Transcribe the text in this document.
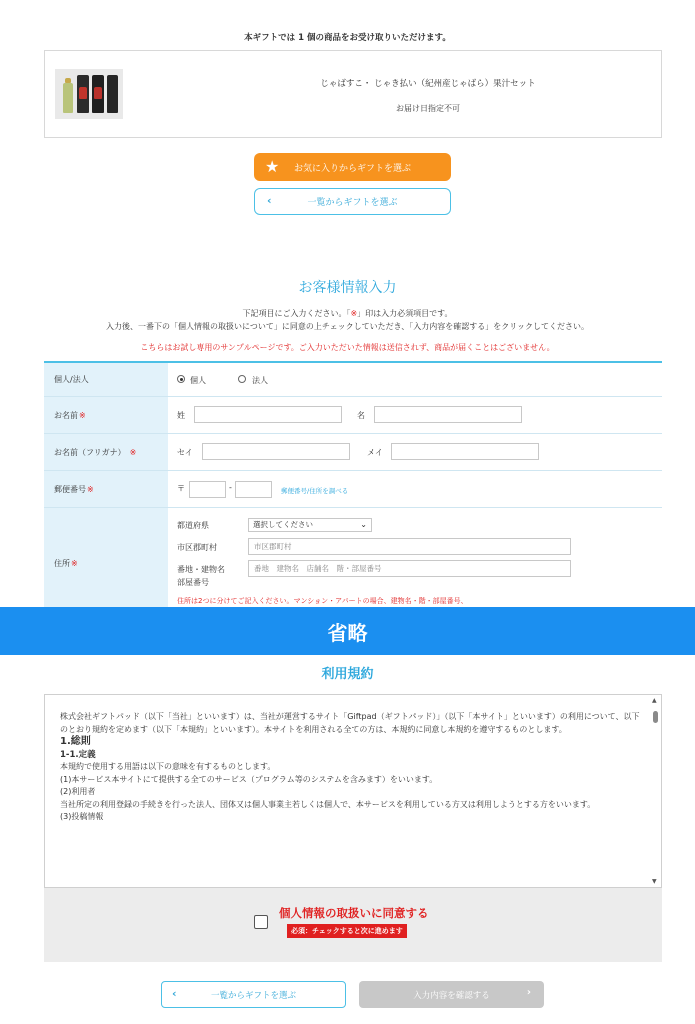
本ギフトでは 1 個の商品をお受け取りいただけます。
じゃばすこ・ じゃき払い（紀州産じゃばら）果汁セット
お届け日指定不可
★ お気に入りからギフトを選ぶ
‹	一覧からギフトを選ぶ
お客様情報入力
下記項目にご入力ください。「※」印は入力必須項目です。
入力後、一番下の「個人情報の取扱いについて」に同意の上チェックしていただき、「入力内容を確認する」をクリックしてください。
こちらはお試し専用のサンプルページです。ご入力いただいた情報は送信されず、商品が届くことはございません。
個人/法人	個人	法人
お名前 ※	姓	名
お名前（フリガナ） ※	セイ	メイ
郵便番号 ※	〒	-	郵便番号/住所を調べる
住所 ※
都道府県	選択してください	⌄
市区郡町村	市区郡町村
番地・建物名
部屋番号
番地　建物名　店舗名　階・部屋番号
住所は2つに分けてご記入ください。マンション・アパートの場合、建物名・階・部屋番号、
省略
利用規約

株式会社ギフトパッド（以下「当社」といいます）は、当社が運営するサイト「Giftpad（ギフトパッド）」（以下「本サイト」といいます）の利用について、以下のとおり規約を定めます（以下「本規約」といいます）。本サイトを利用される全ての方は、本規約に同意し本規約を遵守するものとします。

1.総則

1-1.定義

本規約で使用する用語は以下の意味を有するものとします。

(1)本サービス本サイトにて提供する全てのサービス（プログラム等のシステムを含みます）をいいます。

(2)利用者

当社所定の利用登録の手続きを行った法人、団体又は個人事業主若しくは個人で、本サービスを利用している方又は利用しようとする方をいいます。

(3)投稿情報

▲
▼
個人情報の取扱いに同意する
必須：チェックすると次に進めます
‹	一覧からギフトを選ぶ	入力内容を確認する	›
